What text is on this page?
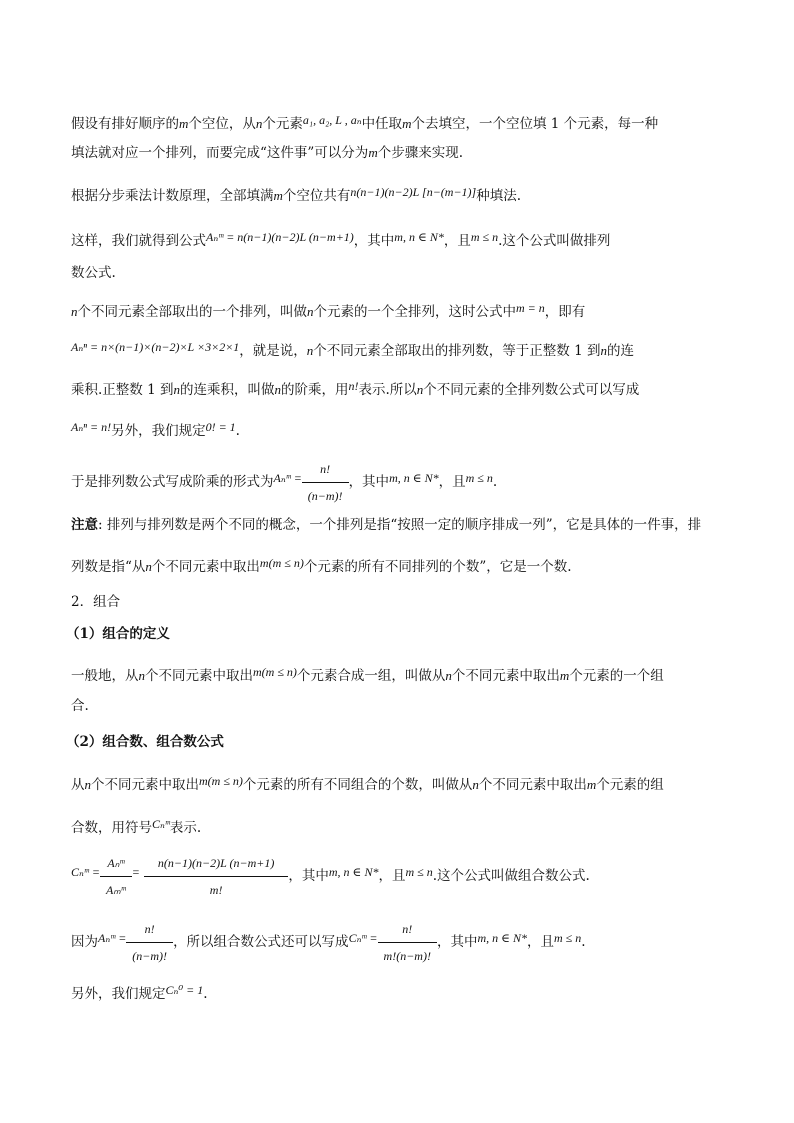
假设有排好顺序的m个空位，从n个元素a₁, a₂, L , aₙ中任取m个去填空，一个空位填 1 个元素，每一种
填法就对应一个排列，而要完成“这件事”可以分为m个步骤来实现.
根据分步乘法计数原理，全部填满m个空位共有n(n−1)(n−2)L [n−(m−1)]种填法.
这样，我们就得到公式Aₙᵐ = n(n−1)(n−2)L (n−m+1)，其中m, n ∈ N*，且m ≤ n.这个公式叫做排列
数公式.
n个不同元素全部取出的一个排列，叫做n个元素的一个全排列，这时公式中m = n，即有
Aₙⁿ = n×(n−1)×(n−2)×L ×3×2×1，就是说，n个不同元素全部取出的排列数，等于正整数 1 到n的连
乘积.正整数 1 到n的连乘积，叫做n的阶乘，用n!表示.所以n个不同元素的全排列数公式可以写成
Aₙⁿ = n!另外，我们规定0! = 1.
于是排列数公式写成阶乘的形式为Aₙᵐ = $\frac{n!}{(n-m)!}$ ，其中m, n ∈ N*，且m ≤ n.
注意: 排列与排列数是两个不同的概念，一个排列是指“按照一定的顺序排成一列”，它是具体的一件事，排
列数是指“从n个不同元素中取出m(m ≤ n)个元素的所有不同排列的个数”，它是一个数.
2．组合
（1）组合的定义
一般地，从n个不同元素中取出m(m ≤ n)个元素合成一组，叫做从n个不同元素中取出m个元素的一个组
合.
（2）组合数、组合数公式
从n个不同元素中取出m(m ≤ n)个元素的所有不同组合的个数，叫做从n个不同元素中取出m个元素的组
合数，用符号Cₙᵐ表示.
Cₙᵐ = $\frac{\text{Aₙᵐ}}{\text{Aₘᵐ}} = \frac{n(n-1)(n-2)L (n-m+1)}{m!}$ ，其中m, n ∈ N*，且m ≤ n.这个公式叫做组合数公式.
因为Aₙᵐ = $\frac{n!}{(n-m)!}$ ，所以组合数公式还可以写成Cₙᵐ = $\frac{n!}{m!(n-m)!}$ ，其中m, n ∈ N*，且m ≤ n.
另外，我们规定Cₙ⁰ = 1.
